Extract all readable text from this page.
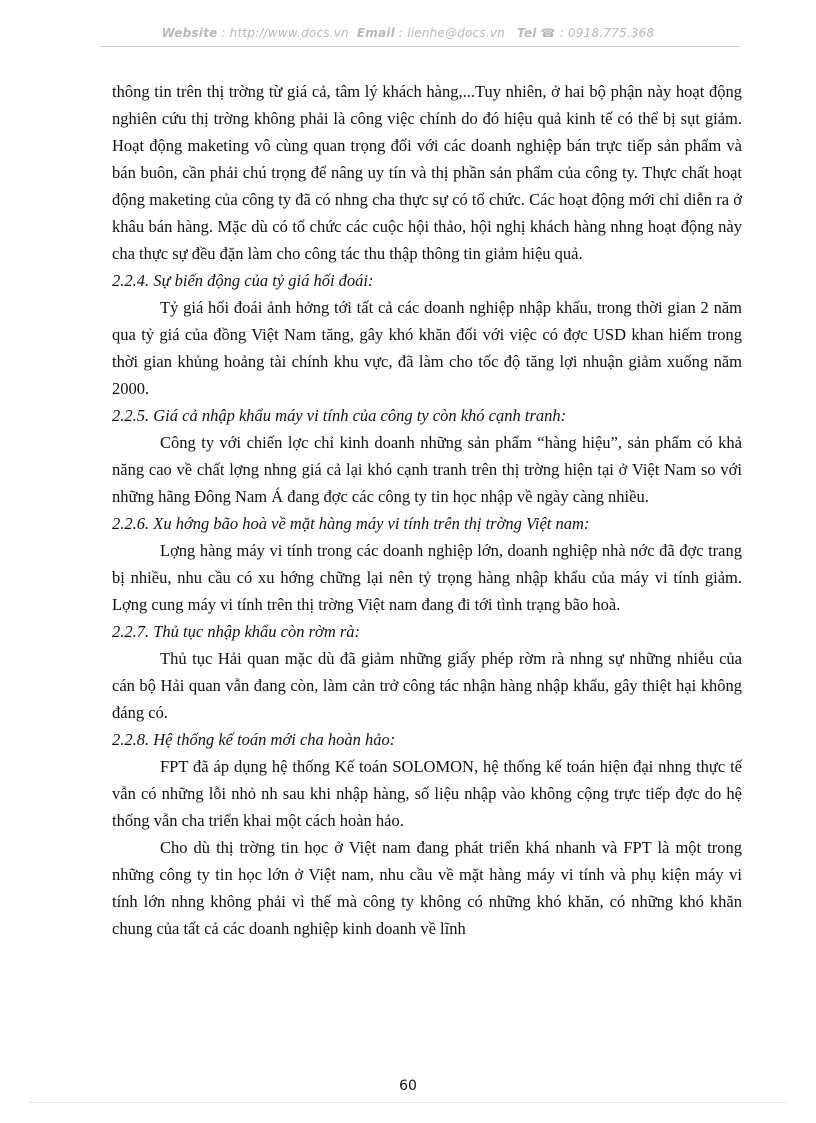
Website : http://www.docs.vn Email : lienhe@docs.vn Tel ☎ : 0918.775.368

thông tin trên thị trờng từ giá cả, tâm lý khách hàng,...Tuy nhiên, ở hai bộ phận này hoạt động nghiên cứu thị trờng không phải là công việc chính do đó hiệu quả kinh tế có thể bị sụt giảm. Hoạt động maketing vô cùng quan trọng đối với các doanh nghiệp bán trực tiếp sản phẩm và bán buôn, cần phải chú trọng để nâng uy tín và thị phần sản phẩm của công ty. Thực chất hoạt động maketing của công ty đã có nhng cha thực sự có tổ chức. Các hoạt động mới chỉ diễn ra ở khâu bán hàng. Mặc dù có tổ chức các cuộc hội thảo, hội nghị khách hàng nhng hoạt động này cha thực sự đều đặn làm cho công tác thu thập thông tin giảm hiệu quả.

2.2.4. Sự biến động của tỷ giá hối đoái:

Tỷ giá hối đoái ảnh hởng tới tất cả các doanh nghiệp nhập khẩu, trong thời gian 2 năm qua tỷ giá của đồng Việt Nam tăng, gây khó khăn đối với việc có đợc USD khan hiếm trong thời gian khủng hoảng tài chính khu vực, đã làm cho tốc độ tăng lợi nhuận giảm xuống năm 2000.

2.2.5. Giá cả nhập khẩu máy vi tính của công ty còn khó cạnh tranh:

Công ty với chiến lợc chỉ kinh doanh những sản phẩm “hàng hiệu”, sản phẩm có khả năng cao về chất lợng nhng giá cả lại khó cạnh tranh trên thị trờng hiện tại ở Việt Nam so với những hãng Đông Nam Á đang đợc các công ty tin học nhập về ngày càng nhiều.

2.2.6. Xu hớng bão hoà về mặt hàng máy vi tính trên thị trờng Việt nam:

Lợng hàng máy vi tính trong các doanh nghiệp lớn, doanh nghiệp nhà nớc đã đợc trang bị nhiều, nhu cầu có xu hớng chững lại nên tỷ trọng hàng nhập khẩu của máy vi tính giảm. Lợng cung máy vi tính trên thị trờng Việt nam đang đi tới tình trạng bão hoà.

2.2.7. Thủ tục nhập khẩu còn rờm rà:

Thủ tục Hải quan mặc dù đã giảm những giấy phép rờm rà nhng sự những nhiễu của cán bộ Hải quan vẫn đang còn, làm cản trở công tác nhận hàng nhập khẩu, gây thiệt hại không đáng có.

2.2.8. Hệ thống kế toán mới cha hoàn hảo:

FPT đã áp dụng hệ thống Kế toán SOLOMON, hệ thống kế toán hiện đại nhng thực tế vẫn có những lỗi nhỏ nh sau khi nhập hàng, số liệu nhập vào không cộng trực tiếp đợc do hệ thống vẫn cha triển khai một cách hoàn hảo.

Cho dù thị trờng tin học ở Việt nam đang phát triển khá nhanh và FPT là một trong những công ty tin học lớn ở Việt nam, nhu cầu về mặt hàng máy vi tính và phụ kiện máy vi tính lớn nhng không phải vì thế mà công ty không có những khó khăn, có những khó khăn chung của tất cả các doanh nghiệp kinh doanh về lĩnh

60
